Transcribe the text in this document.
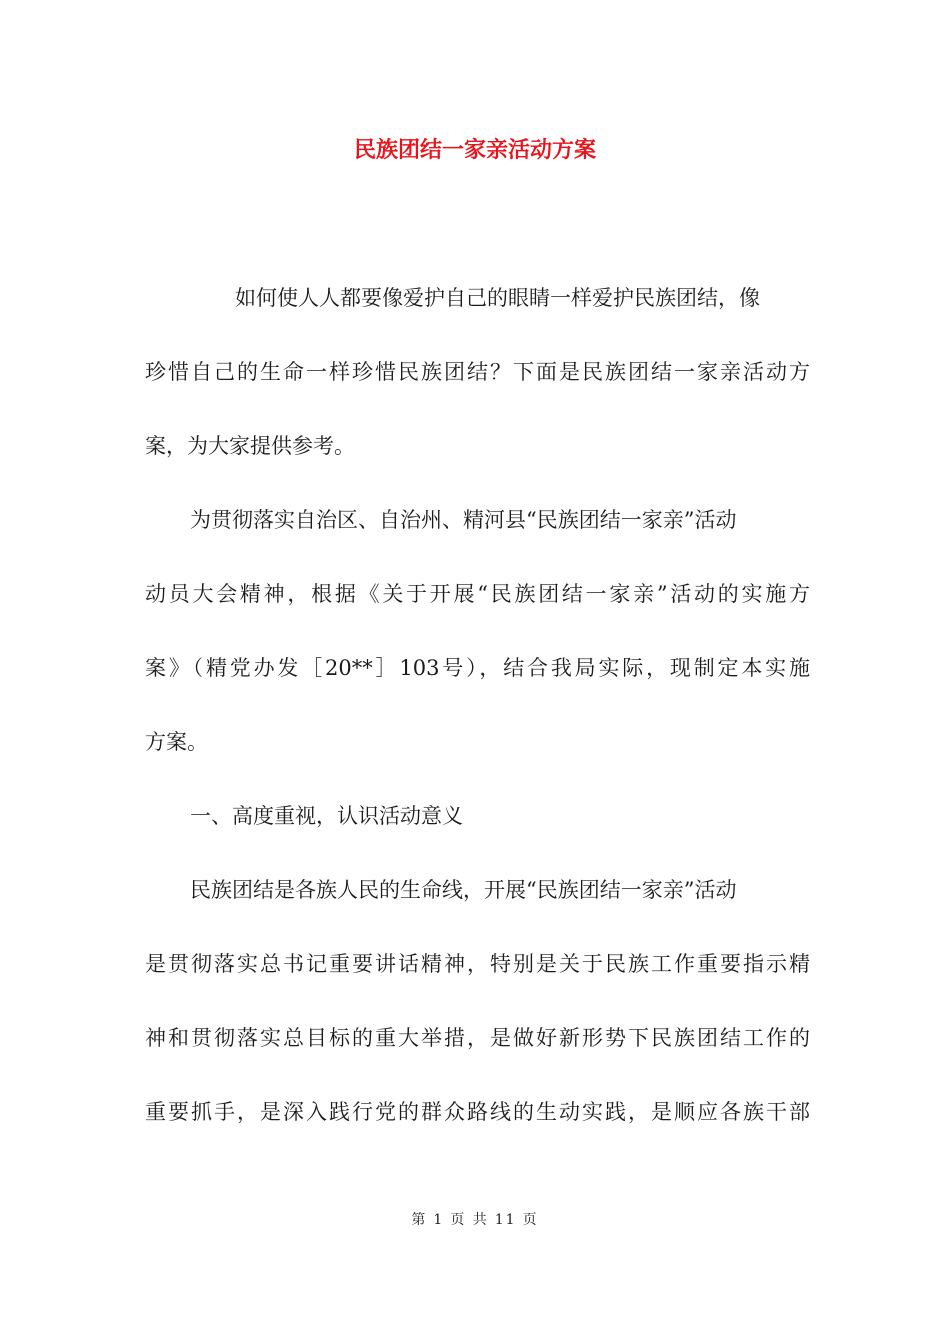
民族团结一家亲活动方案
如何使人人都要像爱护自己的眼睛一样爱护民族团结，像
珍惜自己的生命一样珍惜民族团结？下面是民族团结一家亲活动方
案，为大家提供参考。
为贯彻落实自治区、自治州、精河县“民族团结一家亲”活动
动员大会精神，根据《关于开展“民族团结一家亲”活动的实施方
案》（精党办发［20**］103号），结合我局实际，现制定本实施
方案。
一、高度重视，认识活动意义
民族团结是各族人民的生命线，开展“民族团结一家亲”活动
是贯彻落实总书记重要讲话精神，特别是关于民族工作重要指示精
神和贯彻落实总目标的重大举措，是做好新形势下民族团结工作的
重要抓手，是深入践行党的群众路线的生动实践，是顺应各族干部
第 1 页 共 11 页
